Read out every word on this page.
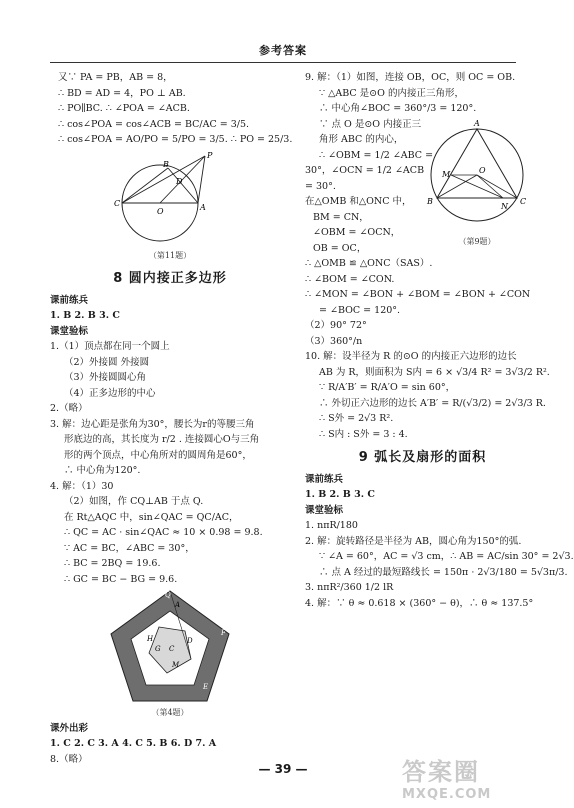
参考答案
又∵ PA = PB，AB = 8，
∴ BD = AD = 4，PO ⊥ AB.
∴ PO∥BC. ∴ ∠POA = ∠ACB.
∴ cos∠POA = cos∠ACB = BC/AC = 3/5.
∴ cos∠POA = AO/PO = 5/PO = 3/5. ∴ PO = 25/3.
P
C	A
O
B
D
（第11题）
8 圆内接正多边形
课前练兵
1. B 2. B 3. C
课堂验标
1.（1）顶点都在同一个圆上
（2）外接圆 外接圆
（3）外接圆圆心角
（4）正多边形的中心
2.（略）
3. 解：边心距是张角为30°，腰长为r的等腰三角
形底边的高，其长度为 r/2 . 连接圆心O与三角
形的两个顶点，中心角所对的圆周角是60°，
∴ 中心角为120°.
4. 解：（1）30
（2）如图，作 CQ⊥AB 于点 Q.
在 Rt△AQC 中，sin∠QAC = QC/AC，
∴ QC = AC · sin∠QAC ≈ 10 × 0.98 = 9.8.
∵ AC = BC，∠ABC = 30°，
∴ BC = 2BQ = 19.6.
∴ GC = BC − BG = 9.6.
Q
A
F
G C
H	D
M
B
E
（第4题）
课外出彩
1. C 2. C 3. A 4. C 5. B 6. D 7. A
8.（略）
9. 解：（1）如图，连接 OB，OC，则 OC = OB.
∵ △ABC 是⊙O 的内接正三角形，
∴ 中心角∠BOC = 360°/3 = 120°.
∵ 点 O 是⊙O 内接正三
角形 ABC 的内心，
∴ ∠OBM = 1/2 ∠ABC =
30°，∠OCN = 1/2 ∠ACB
= 30°.
在△OMB 和△ONC 中，
BM = CN，
∠OBM = ∠OCN，
OB = OC，
A
B	C
O
M
N
（第9题）
∴ △OMB ≌ △ONC（SAS）.
∴ ∠BOM = ∠CON.
∴ ∠MON = ∠BON + ∠BOM = ∠BON + ∠CON
= ∠BOC = 120°.
（2）90° 72°
（3）360°/n
10. 解：设半径为 R 的⊙O 的内接正六边形的边长
AB 为 R，则面积为 S内 = 6 × √3/4 R² = 3√3/2 R².
∵ R/A′B′ = R/A′O = sin 60°，
∴ 外切正六边形的边长 A′B′ = R/(√3/2) = 2√3/3 R.
∴ S外 = 2√3 R².
∴ S内 : S外 = 3 : 4.
9 弧长及扇形的面积
课前练兵
1. B 2. B 3. C
课堂验标
1. nπR/180
2. 解：旋转路径是半径为 AB，圆心角为150°的弧.
∵ ∠A = 60°，AC = √3 cm，∴ AB = AC/sin 30° = 2√3.
∴ 点 A 经过的最短路线长 = 150π · 2√3/180 = 5√3π/3.
3. nπR²/360 1/2 lR
4. 解：∵ θ ≈ 0.618 × (360° − θ)，∴ θ ≈ 137.5°
— 39 —	答案圈
MXQE.COM
